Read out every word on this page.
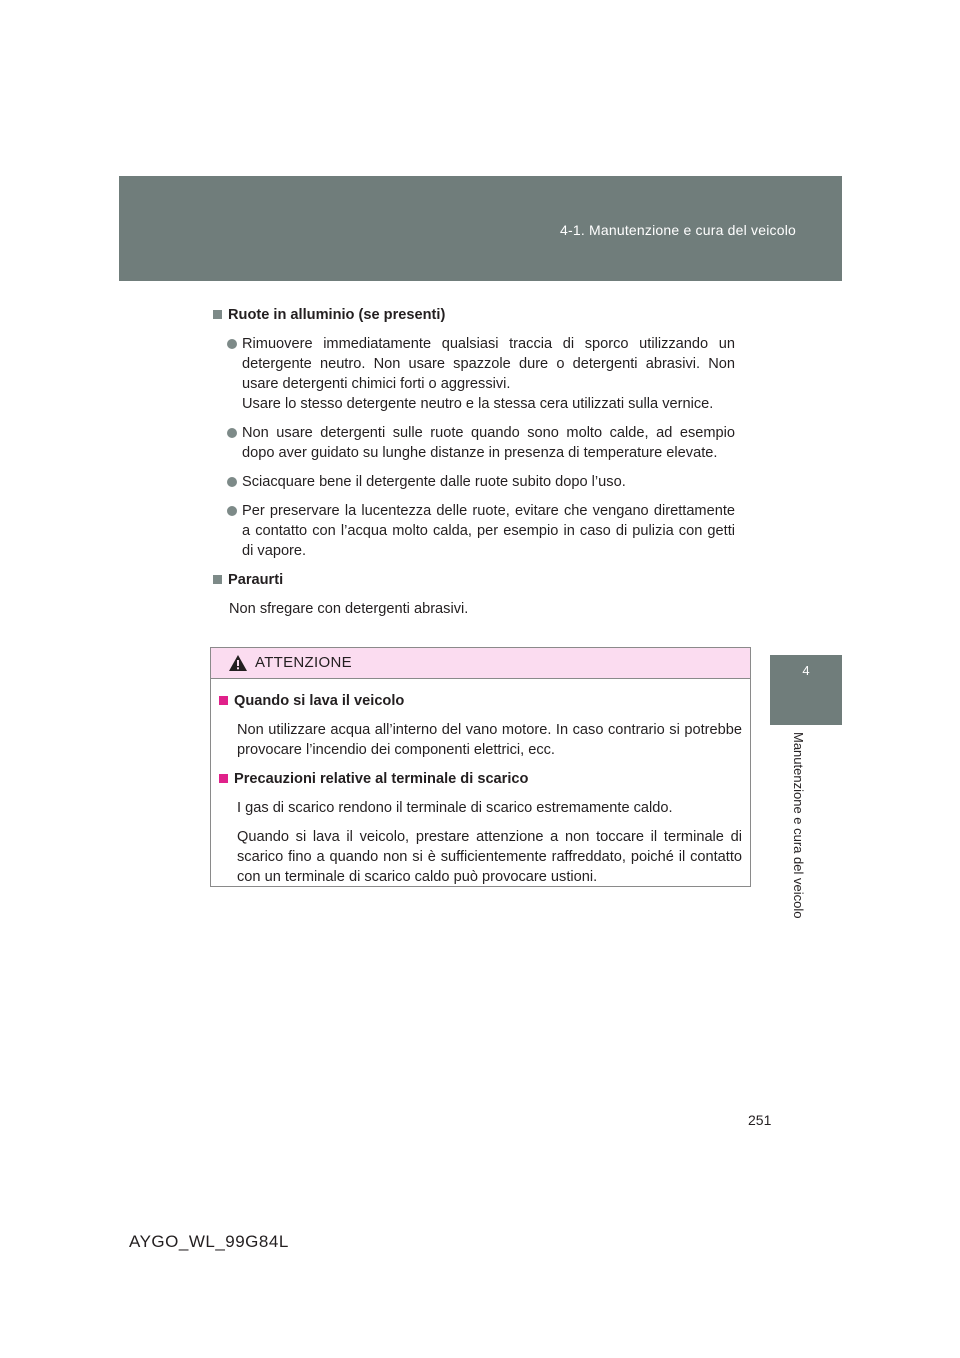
4-1. Manutenzione e cura del veicolo
4
Manutenzione e cura del veicolo
Ruote in alluminio (se presenti)
Rimuovere immediatamente qualsiasi traccia di sporco utilizzando un detergente neutro. Non usare spazzole dure o detergenti abrasivi. Non usare detergenti chimici forti o aggressivi.
Usare lo stesso detergente neutro e la stessa cera utilizzati sulla vernice.
Non usare detergenti sulle ruote quando sono molto calde, ad esempio dopo aver guidato su lunghe distanze in presenza di temperature elevate.
Sciacquare bene il detergente dalle ruote subito dopo l’uso.
Per preservare la lucentezza delle ruote, evitare che vengano direttamente a contatto con l’acqua molto calda, per esempio in caso di pulizia con getti di vapore.
Paraurti
Non sfregare con detergenti abrasivi.
ATTENZIONE
Quando si lava il veicolo
Non utilizzare acqua all’interno del vano motore. In caso contrario si potrebbe provocare l’incendio dei componenti elettrici, ecc.
Precauzioni relative al terminale di scarico
I gas di scarico rendono il terminale di scarico estremamente caldo.
Quando si lava il veicolo, prestare attenzione a non toccare il terminale di scarico fino a quando non si è sufficientemente raffreddato, poiché il contatto con un terminale di scarico caldo può provocare ustioni.
251
AYGO_WL_99G84L
